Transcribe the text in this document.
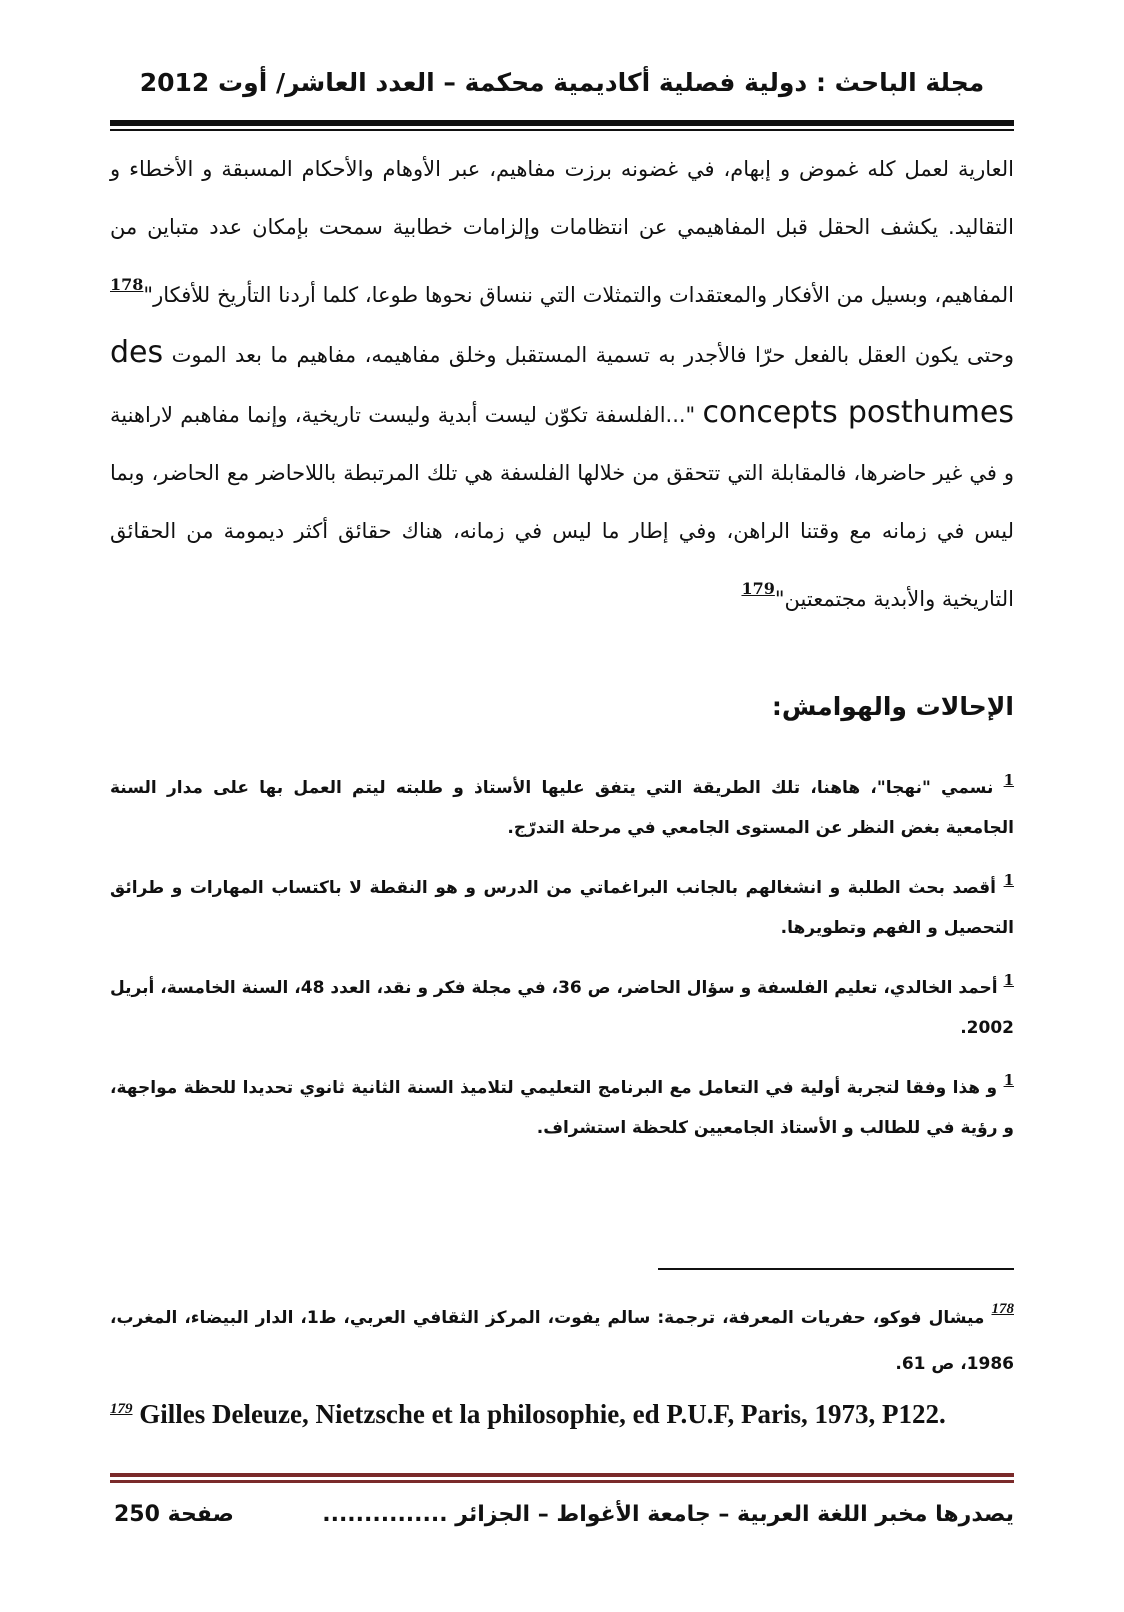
مجلة الباحث : دولية فصلية أكاديمية محكمة – العدد العاشر/ أوت 2012

العارية لعمل كله غموض و إبهام، في غضونه برزت مفاهيم، عبر الأوهام والأحكام المسبقة و الأخطاء و التقاليد. يكشف الحقل قبل المفاهيمي عن انتظامات وإلزامات خطابية سمحت بإمكان عدد متباين من المفاهيم، وبسيل من الأفكار والمعتقدات والتمثلات التي ننساق نحوها طوعا، كلما أردنا التأريخ للأفكار"$^{178}$ وحتى يكون العقل بالفعل حرّا فالأجدر به تسمية المستقبل وخلق مفاهيمه، مفاهيم ما بعد الموت des concepts posthumes "...الفلسفة تكوّن ليست أبدية وليست تاريخية، وإنما مفاهبم لاراهنية و في غير حاضرها، فالمقابلة التي تتحقق من خلالها الفلسفة هي تلك المرتبطة باللاحاضر مع الحاضر، وبما ليس في زمانه مع وقتنا الراهن، وفي إطار ما ليس في زمانه، هناك حقائق أكثر ديمومة من الحقائق التاريخية والأبدية مجتمعتين"$^{179}$

الإحالات والهوامش:

1 نسمي "نهجا"، هاهنا، تلك الطريقة التي يتفق عليها الأستاذ و طلبته ليتم العمل بها على مدار السنة الجامعية بغض النظر عن المستوى الجامعي في مرحلة التدرّج.

1 أقصد بحث الطلبة و انشغالهم بالجانب البراغماتي من الدرس و هو النقطة لا باكتساب المهارات و طرائق التحصيل و الفهم وتطويرها.

1 أحمد الخالدي، تعليم الفلسفة و سؤال الحاضر، ص 36، في مجلة فكر و نقد، العدد 48، السنة الخامسة، أبريل 2002.

1 و هذا وفقا لتجربة أولية في التعامل مع البرنامج التعليمي لتلاميذ السنة الثانية ثانوي تحديدا للحظة مواجهة، و رؤية في للطالب و الأستاذ الجامعيين كلحظة استشراف.

178 ميشال فوكو، حفريات المعرفة، ترجمة: سالم يفوت، المركز الثقافي العربي، ط1، الدار البيضاء، المغرب، 1986، ص 61.

$^{179}$ Gilles Deleuze, Nietzsche et la philosophie, ed P.U.F, Paris, 1973, P122.

يصدرها مخبر اللغة العربية – جامعة الأغواط – الجزائر ...............
صفحة 250
